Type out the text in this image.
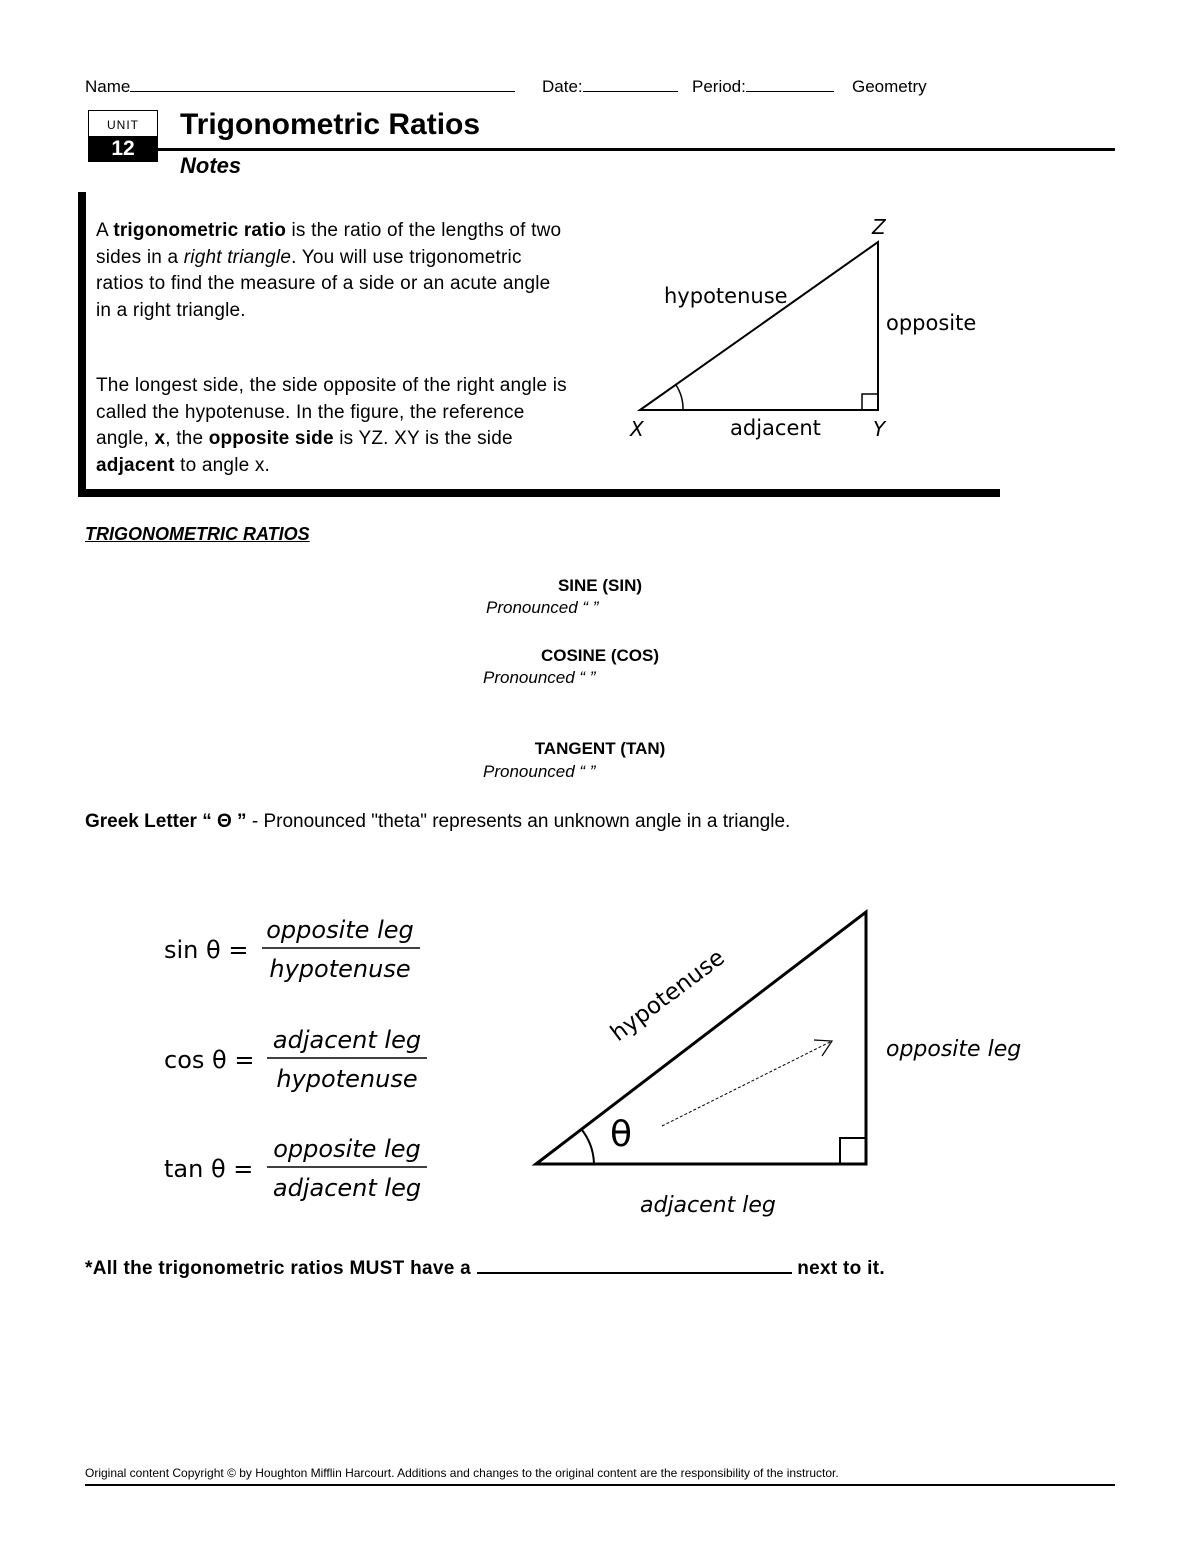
Name	Date:	Period:	Geometry
UNIT
12
Trigonometric Ratios
Notes
A trigonometric ratio is the ratio of the lengths of two sides in a right triangle. You will use trigonometric ratios to find the measure of a side or an acute angle in a right triangle.
The longest side, the side opposite of the right angle is called the hypotenuse. In the figure, the reference angle, x, the opposite side is YZ. XY is the side adjacent to angle x.
Z
X	Y
hypotenuse
opposite
adjacent
TRIGONOMETRIC RATIOS
SINE (SIN)
Pronounced “ ”
COSINE (COS)
Pronounced “ ”
TANGENT (TAN)
Pronounced “ ”
Greek Letter “ Θ ” - Pronounced "theta" represents an unknown angle in a triangle.
sin θ =
opposite leg
hypotenuse
cos θ =
adjacent leg
hypotenuse
tan θ =
opposite leg
adjacent leg
θ
hypotenuse
opposite leg
adjacent leg
*All the trigonometric ratios MUST have a	next to it.
Original content Copyright © by Houghton Mifflin Harcourt. Additions and changes to the original content are the responsibility of the instructor.
